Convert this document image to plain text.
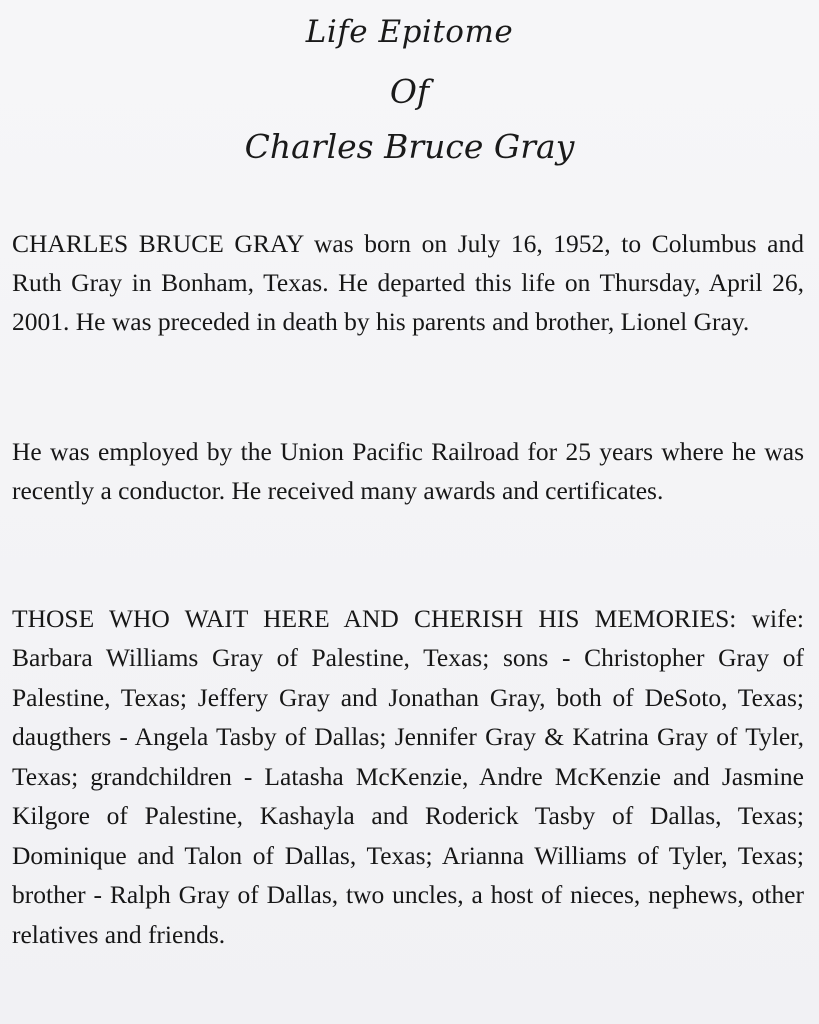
Life Epitome
Of
Charles Bruce Gray

CHARLES BRUCE GRAY was born on July 16, 1952, to Columbus and Ruth Gray in Bonham, Texas. He departed this life on Thursday, April 26, 2001. He was preceded in death by his parents and brother, Lionel Gray.

He was employed by the Union Pacific Railroad for 25 years where he was recently a conductor. He received many awards and certificates.

THOSE WHO WAIT HERE AND CHERISH HIS MEMORIES: wife: Barbara Williams Gray of Palestine, Texas; sons - Christopher Gray of Palestine, Texas; Jeffery Gray and Jonathan Gray, both of DeSoto, Texas; daugthers - Angela Tasby of Dallas; Jennifer Gray & Katrina Gray of Tyler, Texas; grandchildren - Latasha McKenzie, Andre McKenzie and Jasmine Kilgore of Palestine, Kashayla and Roderick Tasby of Dallas, Texas; Dominique and Talon of Dallas, Texas; Arianna Williams of Tyler, Texas; brother - Ralph Gray of Dallas, two uncles, a host of nieces, nephews, other relatives and friends.
